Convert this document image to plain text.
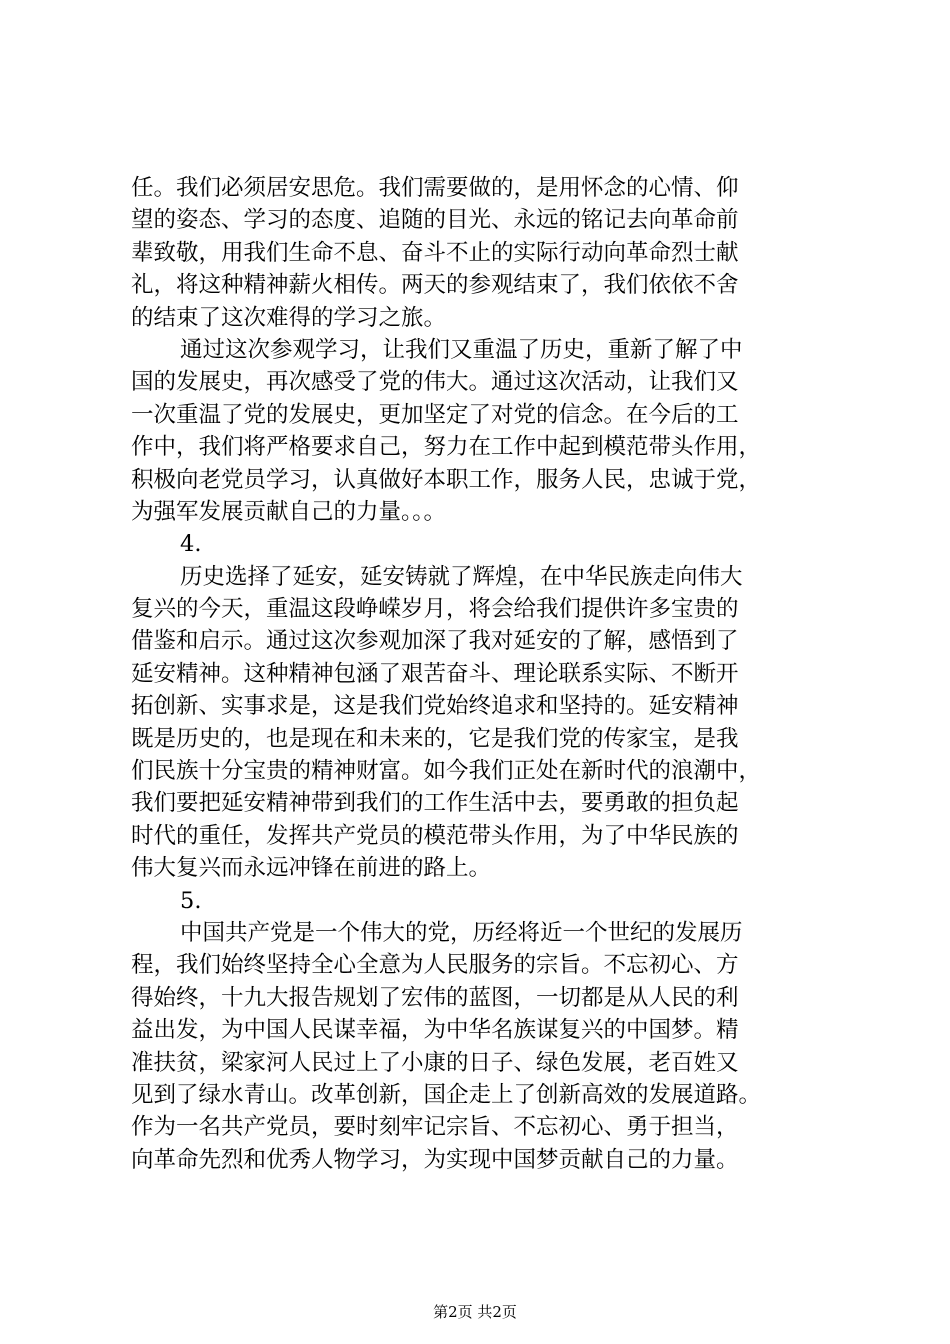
任。我们必须居安思危。我们需要做的，是用怀念的心情、仰
望的姿态、学习的态度、追随的目光、永远的铭记去向革命前
辈致敬，用我们生命不息、奋斗不止的实际行动向革命烈士献
礼，将这种精神薪火相传。两天的参观结束了，我们依依不舍
的结束了这次难得的学习之旅。
通过这次参观学习，让我们又重温了历史，重新了解了中
国的发展史，再次感受了党的伟大。通过这次活动，让我们又
一次重温了党的发展史，更加坚定了对党的信念。在今后的工
作中，我们将严格要求自己，努力在工作中起到模范带头作用，
积极向老党员学习，认真做好本职工作，服务人民，忠诚于党，
为强军发展贡献自己的力量。。。
4.
历史选择了延安，延安铸就了辉煌，在中华民族走向伟大
复兴的今天，重温这段峥嵘岁月，将会给我们提供许多宝贵的
借鉴和启示。通过这次参观加深了我对延安的了解，感悟到了
延安精神。这种精神包涵了艰苦奋斗、理论联系实际、不断开
拓创新、实事求是，这是我们党始终追求和坚持的。延安精神
既是历史的，也是现在和未来的，它是我们党的传家宝，是我
们民族十分宝贵的精神财富。如今我们正处在新时代的浪潮中，
我们要把延安精神带到我们的工作生活中去，要勇敢的担负起
时代的重任，发挥共产党员的模范带头作用，为了中华民族的
伟大复兴而永远冲锋在前进的路上。
5.
中国共产党是一个伟大的党，历经将近一个世纪的发展历
程，我们始终坚持全心全意为人民服务的宗旨。不忘初心、方
得始终，十九大报告规划了宏伟的蓝图，一切都是从人民的利
益出发，为中国人民谋幸福，为中华名族谋复兴的中国梦。精
准扶贫，梁家河人民过上了小康的日子、绿色发展，老百姓又
见到了绿水青山。改革创新，国企走上了创新高效的发展道路。
作为一名共产党员，要时刻牢记宗旨、不忘初心、勇于担当，
向革命先烈和优秀人物学习，为实现中国梦贡献自己的力量。
第2页 共2页
